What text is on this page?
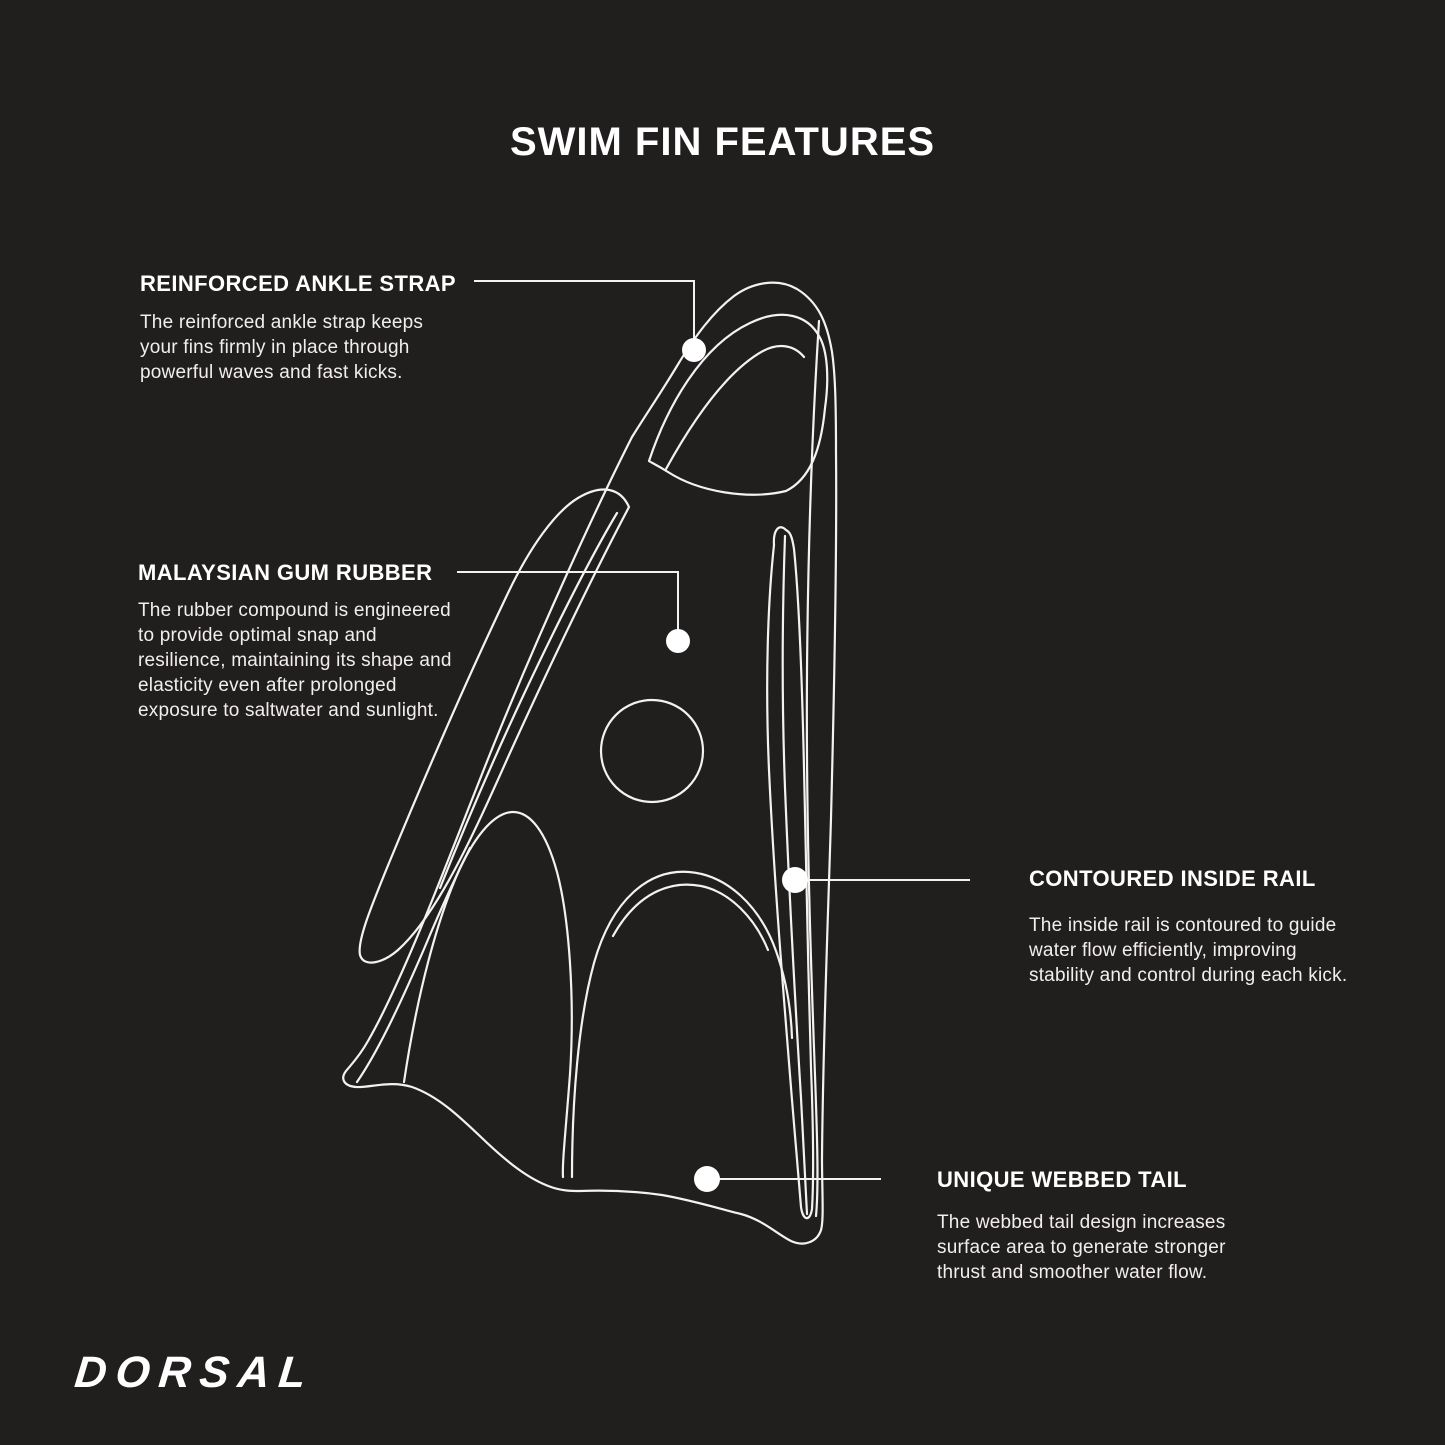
SWIM FIN FEATURES
REINFORCED ANKLE STRAP
The reinforced ankle strap keeps
your fins firmly in place through
powerful waves and fast kicks.
MALAYSIAN GUM RUBBER
The rubber compound is engineered
to provide optimal snap and
resilience, maintaining its shape and
elasticity even after prolonged
exposure to saltwater and sunlight.
CONTOURED INSIDE RAIL
The inside rail is contoured to guide
water flow efficiently, improving
stability and control during each kick.
UNIQUE WEBBED TAIL
The webbed tail design increases
surface area to generate stronger
thrust and smoother water flow.
DORSAL
